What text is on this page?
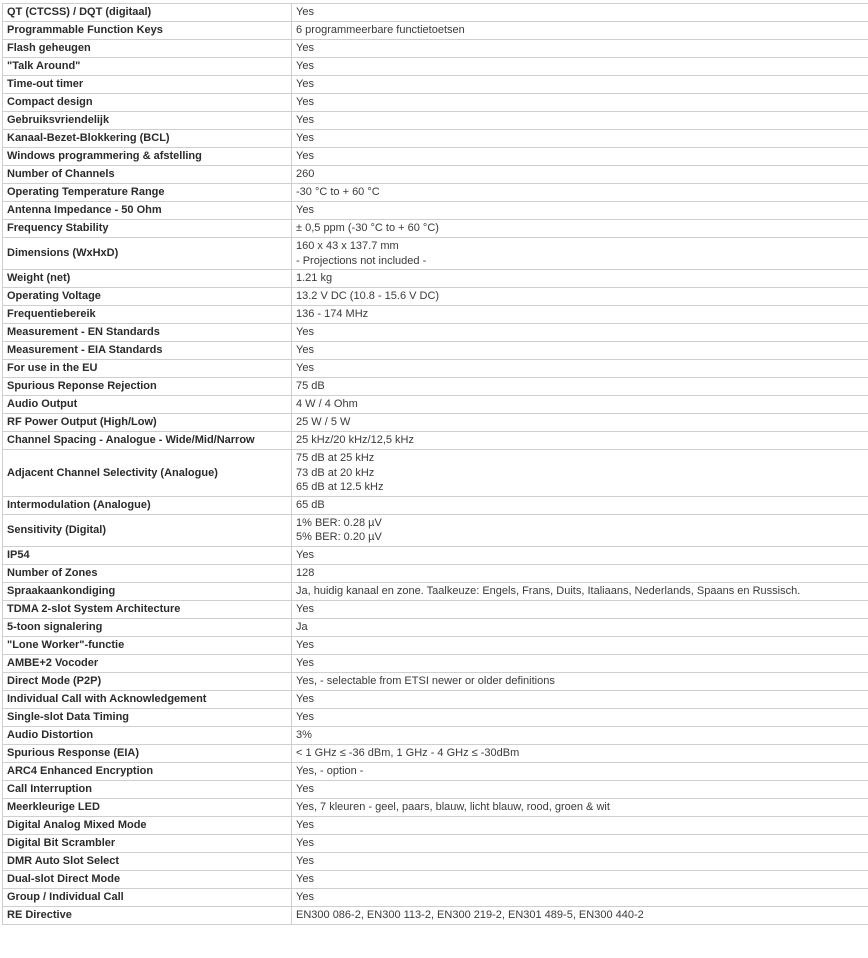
QT (CTCSS) / DQT (digitaal)	Yes

Programmable Function Keys	6 programmeerbare functietoetsen

Flash geheugen	Yes

"Talk Around"	Yes

Time-out timer	Yes

Compact design	Yes

Gebruiksvriendelijk	Yes

Kanaal-Bezet-Blokkering (BCL)	Yes

Windows programmering & afstelling	Yes

Number of Channels	260

Operating Temperature Range	-30 °C to + 60 °C

Antenna Impedance - 50 Ohm	Yes

Frequency Stability	± 0,5 ppm (-30 °C to + 60 °C)

Dimensions (WxHxD)	160 x 43 x 137.7 mm
- Projections not included -

Weight (net)	1.21 kg

Operating Voltage	13.2 V DC (10.8 - 15.6 V DC)

Frequentiebereik	136 - 174 MHz

Measurement - EN Standards	Yes

Measurement - EIA Standards	Yes

For use in the EU	Yes

Spurious Reponse Rejection	75 dB

Audio Output	4 W / 4 Ohm

RF Power Output (High/Low)	25 W / 5 W

Channel Spacing - Analogue - Wide/Mid/Narrow	25 kHz/20 kHz/12,5 kHz

Adjacent Channel Selectivity (Analogue)	75 dB at 25 kHz
73 dB at 20 kHz
65 dB at 12.5 kHz

Intermodulation (Analogue)	65 dB

Sensitivity (Digital)	1% BER: 0.28 µV
5% BER: 0.20 µV

IP54	Yes

Number of Zones	128

Spraakaankondiging	Ja, huidig kanaal en zone. Taalkeuze: Engels, Frans, Duits, Italiaans, Nederlands, Spaans en Russisch.

TDMA 2-slot System Architecture	Yes

5-toon signalering	Ja

"Lone Worker"-functie	Yes

AMBE+2 Vocoder	Yes

Direct Mode (P2P)	Yes, - selectable from ETSI newer or older definitions

Individual Call with Acknowledgement	Yes

Single-slot Data Timing	Yes

Audio Distortion	3%

Spurious Response (EIA)	< 1 GHz ≤ -36 dBm, 1 GHz - 4 GHz ≤ -30dBm

ARC4 Enhanced Encryption	Yes, - option -

Call Interruption	Yes

Meerkleurige LED	Yes, 7 kleuren - geel, paars, blauw, licht blauw, rood, groen & wit

Digital Analog Mixed Mode	Yes

Digital Bit Scrambler	Yes

DMR Auto Slot Select	Yes

Dual-slot Direct Mode	Yes

Group / Individual Call	Yes

RE Directive	EN300 086-2, EN300 113-2, EN300 219-2, EN301 489-5, EN300 440-2
